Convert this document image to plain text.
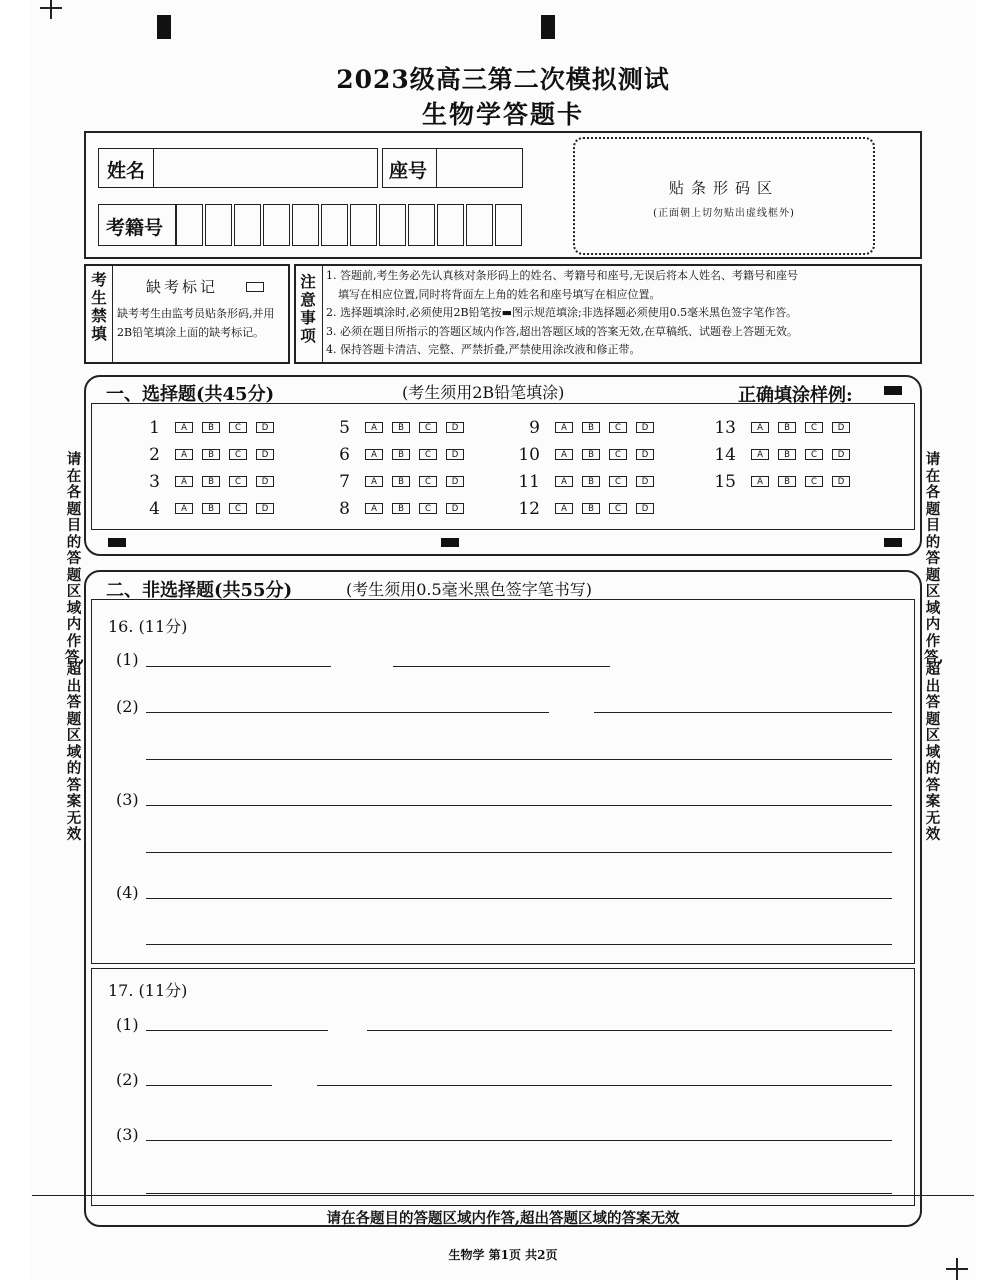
2023级高三第二次模拟测试
生物学答题卡
姓名	座号
考籍号
贴条形码区
(正面朝上切勿贴出虚线框外)
考生禁填
缺考标记
缺考考生由监考员贴条形码,并用2B铅笔填涂上面的缺考标记。
注意事项
1. 答题前,考生务必先认真核对条形码上的姓名、考籍号和座号,无误后将本人姓名、考籍号和座号
填写在相应位置,同时将背面左上角的姓名和座号填写在相应位置。
2. 选择题填涂时,必须使用2B铅笔按▬图示规范填涂;非选择题必须使用0.5毫米黑色签字笔作答。
3. 必须在题目所指示的答题区域内作答,超出答题区域的答案无效,在草稿纸、试题卷上答题无效。
4. 保持答题卡清洁、完整、严禁折叠,严禁使用涂改液和修正带。
一、选择题(共45分)	(考生须用2B铅笔填涂)	正确填涂样例:
1	A	B	C	D
2	A	B	C	D
3	A	B	C	D
4	A	B	C	D
5	A	B	C	D
6	A	B	C	D
7	A	B	C	D
8	A	B	C	D
9	A	B	C	D
10	A	B	C	D
11	A	B	C	D
12	A	B	C	D
13	A	B	C	D
14	A	B	C	D
15	A	B	C	D
二、非选择题(共55分)	(考生须用0.5毫米黑色签字笔书写)
16. (11分)
(1)
(2)
(3)
(4)
17. (11分)
(1)
(2)
(3)
请在各题目的答题区域内作答,超出答题区域的答案无效
请在各题目的答题区域内作答,
超出答题区域的答案无效
请在各题目的答题区域内作答,
超出答题区域的答案无效
生物学 第1页 共2页
